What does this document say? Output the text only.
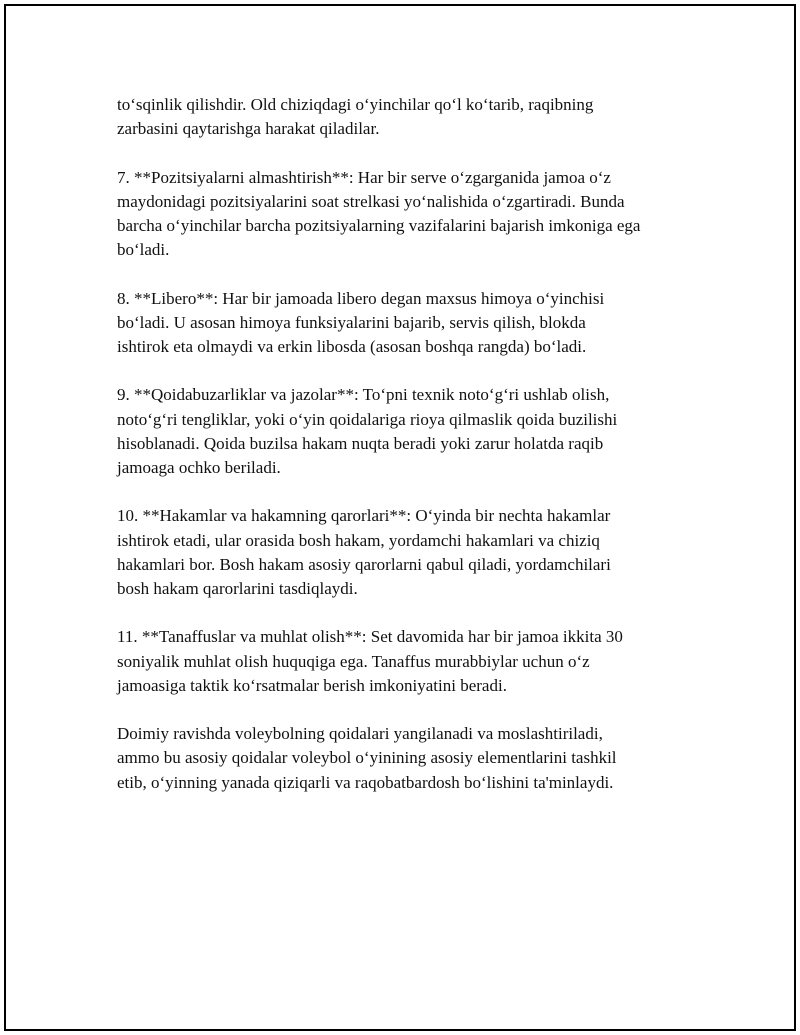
to‘sqinlik qilishdir. Old chiziqdagi o‘yinchilar qo‘l ko‘tarib, raqibning
zarbasini qaytarishga harakat qiladilar.

7. **Pozitsiyalarni almashtirish**: Har bir serve o‘zgarganida jamoa o‘z
maydonidagi pozitsiyalarini soat strelkasi yo‘nalishida o‘zgartiradi. Bunda
barcha o‘yinchilar barcha pozitsiyalarning vazifalarini bajarish imkoniga ega
bo‘ladi.

8. **Libero**: Har bir jamoada libero degan maxsus himoya o‘yinchisi
bo‘ladi. U asosan himoya funksiyalarini bajarib, servis qilish, blokda
ishtirok eta olmaydi va erkin libosda (asosan boshqa rangda) bo‘ladi.

9. **Qoidabuzarliklar va jazolar**: To‘pni texnik noto‘g‘ri ushlab olish,
noto‘g‘ri tengliklar, yoki o‘yin qoidalariga rioya qilmaslik qoida buzilishi
hisoblanadi. Qoida buzilsa hakam nuqta beradi yoki zarur holatda raqib
jamoaga ochko beriladi.

10. **Hakamlar va hakamning qarorlari**: O‘yinda bir nechta hakamlar
ishtirok etadi, ular orasida bosh hakam, yordamchi hakamlari va chiziq
hakamlari bor. Bosh hakam asosiy qarorlarni qabul qiladi, yordamchilari
bosh hakam qarorlarini tasdiqlaydi.

11. **Tanaffuslar va muhlat olish**: Set davomida har bir jamoa ikkita 30
soniyalik muhlat olish huquqiga ega. Tanaffus murabbiylar uchun o‘z
jamoasiga taktik ko‘rsatmalar berish imkoniyatini beradi.

Doimiy ravishda voleybolning qoidalari yangilanadi va moslashtiriladi,
ammo bu asosiy qoidalar voleybol o‘yinining asosiy elementlarini tashkil
etib, o‘yinning yanada qiziqarli va raqobatbardosh bo‘lishini ta'minlaydi.
